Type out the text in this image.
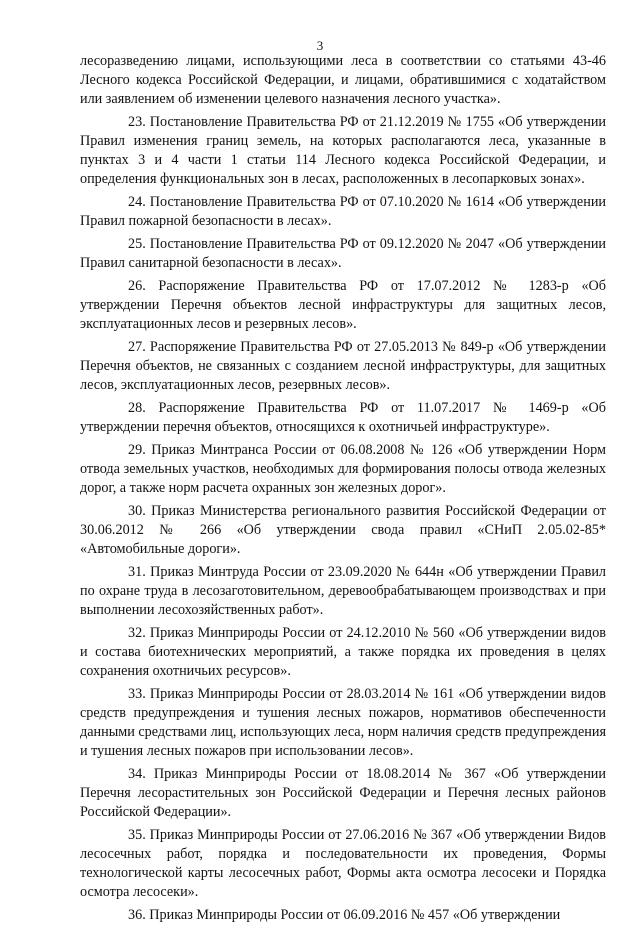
3

лесоразведению лицами, использующими леса в соответствии со статьями 43-46 Лесного кодекса Российской Федерации, и лицами, обратившимися с ходатайством или заявлением об изменении целевого назначения лесного участка».

23. Постановление Правительства РФ от 21.12.2019 № 1755 «Об утверждении Правил изменения границ земель, на которых располагаются леса, указанные в пунктах 3 и 4 части 1 статьи 114 Лесного кодекса Российской Федерации, и определения функциональных зон в лесах, расположенных в лесопарковых зонах».

24. Постановление Правительства РФ от 07.10.2020 № 1614 «Об утверждении Правил пожарной безопасности в лесах».

25. Постановление Правительства РФ от 09.12.2020 № 2047 «Об утверждении Правил санитарной безопасности в лесах».

26. Распоряжение Правительства РФ от 17.07.2012 № 1283-р «Об утверждении Перечня объектов лесной инфраструктуры для защитных лесов, эксплуатационных лесов и резервных лесов».

27. Распоряжение Правительства РФ от 27.05.2013 № 849-р «Об утверждении Перечня объектов, не связанных с созданием лесной инфраструктуры, для защитных лесов, эксплуатационных лесов, резервных лесов».

28. Распоряжение Правительства РФ от 11.07.2017 № 1469-р «Об утверждении перечня объектов, относящихся к охотничьей инфраструктуре».

29. Приказ Минтранса России от 06.08.2008 № 126 «Об утверждении Норм отвода земельных участков, необходимых для формирования полосы отвода железных дорог, а также норм расчета охранных зон железных дорог».

30. Приказ Министерства регионального развития Российской Федерации от 30.06.2012 № 266 «Об утверждении свода правил «СНиП 2.05.02-85* «Автомобильные дороги».

31. Приказ Минтруда России от 23.09.2020 № 644н «Об утверждении Правил по охране труда в лесозаготовительном, деревообрабатывающем производствах и при выполнении лесохозяйственных работ».

32. Приказ Минприроды России от 24.12.2010 № 560 «Об утверждении видов и состава биотехнических мероприятий, а также порядка их проведения в целях сохранения охотничьих ресурсов».

33. Приказ Минприроды России от 28.03.2014 № 161 «Об утверждении видов средств предупреждения и тушения лесных пожаров, нормативов обеспеченности данными средствами лиц, использующих леса, норм наличия средств предупреждения и тушения лесных пожаров при использовании лесов».

34. Приказ Минприроды России от 18.08.2014 № 367 «Об утверждении Перечня лесорастительных зон Российской Федерации и Перечня лесных районов Российской Федерации».

35. Приказ Минприроды России от 27.06.2016 № 367 «Об утверждении Видов лесосечных работ, порядка и последовательности их проведения, Формы технологической карты лесосечных работ, Формы акта осмотра лесосеки и Порядка осмотра лесосеки».

36. Приказ Минприроды России от 06.09.2016 № 457 «Об утверждении
